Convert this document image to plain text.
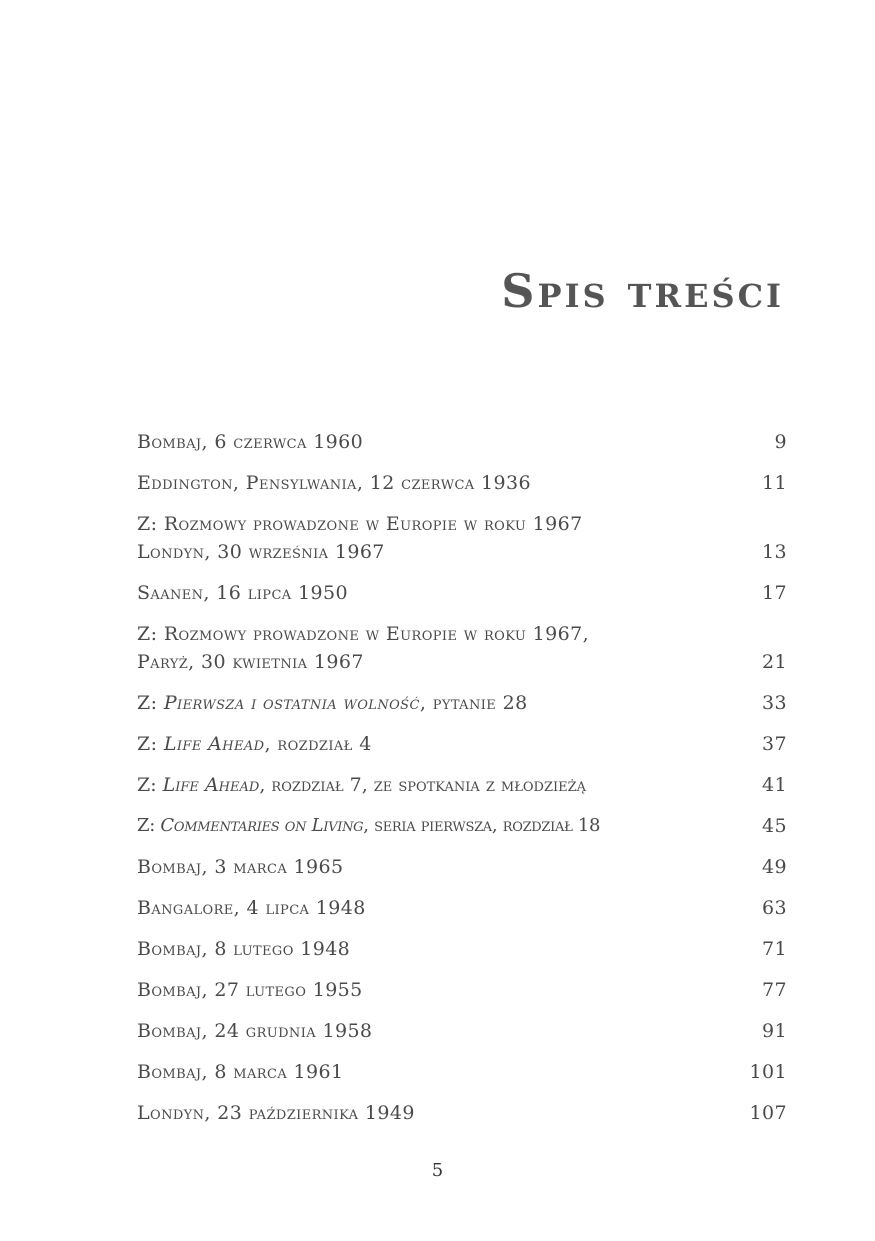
Spis treści
Bombaj, 6 czerwca 1960	9
Eddington, Pensylwania, 12 czerwca 1936	11
Z: Rozmowy prowadzone w Europie w roku 1967
Londyn, 30 września 1967	13
Saanen, 16 lipca 1950	17
Z: Rozmowy prowadzone w Europie w roku 1967,
Paryż, 30 kwietnia 1967	21
Z: Pierwsza i ostatnia wolność, pytanie 28	33
Z: Life Ahead, rozdział 4	37
Z: Life Ahead, rozdział 7, ze spotkania z młodzieżą	41
Z: Commentaries on Living, seria pierwsza, rozdział 18	45
Bombaj, 3 marca 1965	49
Bangalore, 4 lipca 1948	63
Bombaj, 8 lutego 1948	71
Bombaj, 27 lutego 1955	77
Bombaj, 24 grudnia 1958	91
Bombaj, 8 marca 1961	101
Londyn, 23 października 1949	107
5
